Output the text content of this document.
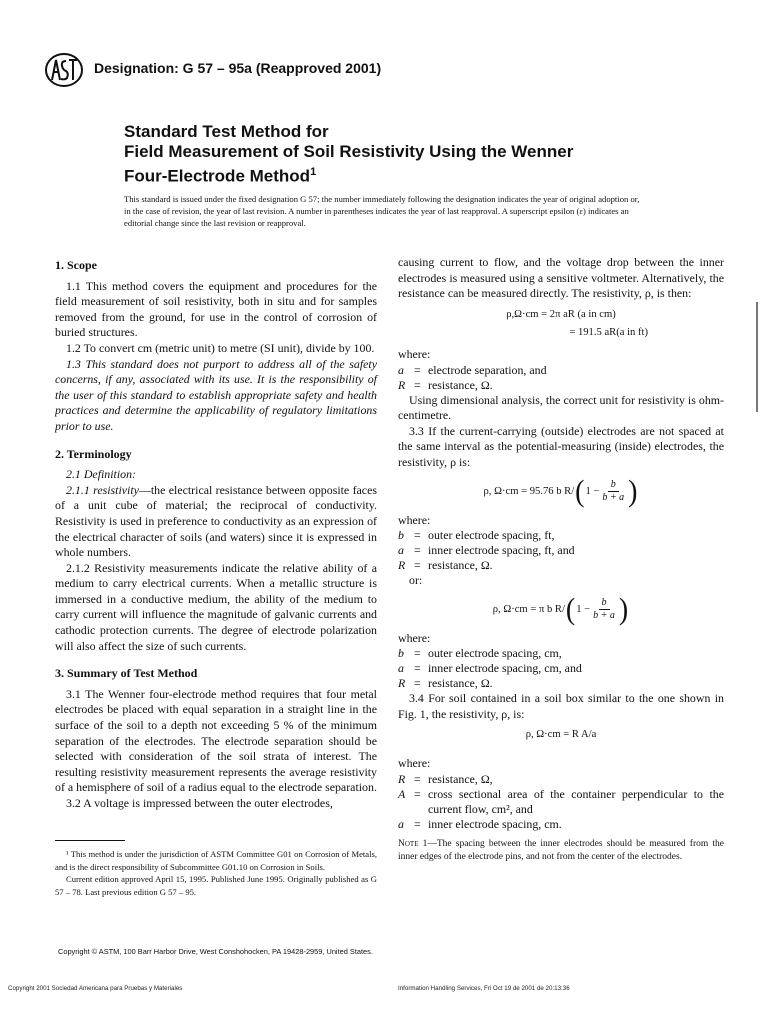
Designation: G 57 – 95a (Reapproved 2001)
Standard Test Method for
Field Measurement of Soil Resistivity Using the Wenner
Four-Electrode Method$^1$
This standard is issued under the fixed designation G 57; the number immediately following the designation indicates the year of original adoption or, in the case of revision, the year of last revision. A number in parentheses indicates the year of last reapproval. A superscript epsilon (ε) indicates an editorial change since the last revision or reapproval.
1. Scope
1.1 This method covers the equipment and procedures for the field measurement of soil resistivity, both in situ and for samples removed from the ground, for use in the control of corrosion of buried structures.
1.2 To convert cm (metric unit) to metre (SI unit), divide by 100.
1.3 This standard does not purport to address all of the safety concerns, if any, associated with its use. It is the responsibility of the user of this standard to establish appropriate safety and health practices and determine the applicability of regulatory limitations prior to use.
2. Terminology
2.1 Definition:
2.1.1 resistivity—the electrical resistance between opposite faces of a unit cube of material; the reciprocal of conductivity. Resistivity is used in preference to conductivity as an expression of the electrical character of soils (and waters) since it is expressed in whole numbers.
2.1.2 Resistivity measurements indicate the relative ability of a medium to carry electrical currents. When a metallic structure is immersed in a conductive medium, the ability of the medium to carry current will influence the magnitude of galvanic currents and cathodic protection currents. The degree of electrode polarization will also affect the size of such currents.
3. Summary of Test Method
3.1 The Wenner four-electrode method requires that four metal electrodes be placed with equal separation in a straight line in the surface of the soil to a depth not exceeding 5 % of the minimum separation of the electrodes. The electrode separation should be selected with consideration of the soil strata of interest. The resulting resistivity measurement represents the average resistivity of a hemisphere of soil of a radius equal to the electrode separation.
3.2 A voltage is impressed between the outer electrodes,
¹ This method is under the jurisdiction of ASTM Committee G01 on Corrosion of Metals, and is the direct responsibility of Subcommittee G01.10 on Corrosion in Soils.
Current edition approved April 15, 1995. Published June 1995. Originally published as G 57 – 78. Last previous edition G 57 – 95.
causing current to flow, and the voltage drop between the inner electrodes is measured using a sensitive voltmeter. Alternatively, the resistance can be measured directly. The resistivity, ρ, is then:
ρ,Ω·cm = 2π aR (a in cm)
= 191.5 aR(a in ft)
where:
a = electrode separation, and
R = resistance, Ω.
Using dimensional analysis, the correct unit for resistivity is ohm-centimetre.
3.3 If the current-carrying (outside) electrodes are not spaced at the same interval as the potential-measuring (inside) electrodes, the resistivity, ρ is:
ρ, Ω·cm = 95.76 b R/ ( $1 - \frac{b}{b + a}$ )
where:
b = outer electrode spacing, ft,
a = inner electrode spacing, ft, and
R = resistance, Ω.
or:
ρ, Ω·cm = π b R/ ( $1 - \frac{b}{b + a}$ )
where:
b = outer electrode spacing, cm,
a = inner electrode spacing, cm, and
R = resistance, Ω.
3.4 For soil contained in a soil box similar to the one shown in Fig. 1, the resistivity, ρ, is:
ρ, Ω·cm = R A/a
where:
R = resistance, Ω,
A = cross sectional area of the container perpendicular to the current flow, cm², and
a = inner electrode spacing, cm.
Note 1—The spacing between the inner electrodes should be measured from the inner edges of the electrode pins, and not from the center of the electrodes.
Copyright © ASTM, 100 Barr Harbor Drive, West Conshohocken, PA 19428-2959, United States.
Copyright 2001 Sociedad Americana para Pruebas y Materiales	Information Handling Services, Fri Oct 19 de 2001 de 20:13:36
